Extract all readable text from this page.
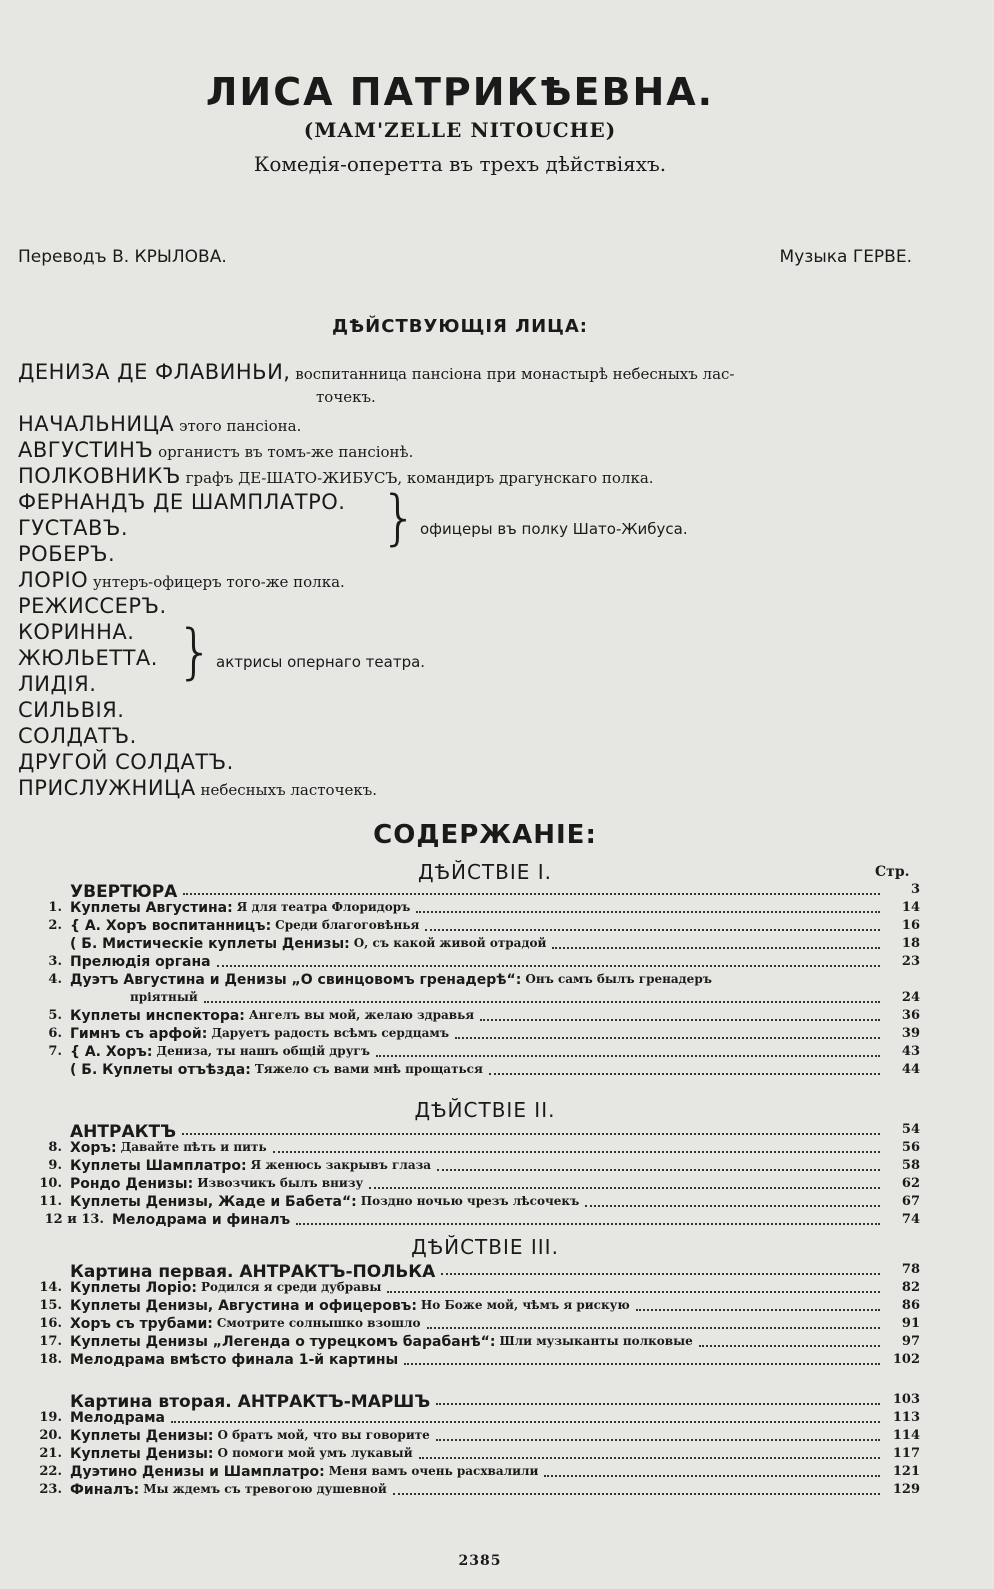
ЛИСА ПАТРИКѢЕВНА.
(MAM'ZELLE NITOUCHE)
Комедія-оперетта въ трехъ дѣйствіяхъ.
Переводъ В. КРЫЛОВА.	Музыка ГЕРВЕ.
ДѢЙСТВУЮЩІЯ ЛИЦА:
ДЕНИЗА ДЕ ФЛАВИНЬИ, воспитанница пансіона при монастырѣ небесныхъ лас-
точекъ.
НАЧАЛЬНИЦА этого пансіона.
АВГУСТИНЪ органистъ въ томъ-же пансіонѣ.
ПОЛКОВНИКЪ графъ ДЕ-ШАТО-ЖИБУСЪ, командиръ драгунскаго полка.
ФЕРНАНДЪ ДЕ ШАМПЛАТРО.
ГУСТАВЪ.
РОБЕРЪ.
} офицеры въ полку Шато-Жибуса.
ЛОРІО унтеръ-офицеръ того-же полка.
РЕЖИССЕРЪ.
КОРИННА.
ЖЮЛЬЕТТА.
ЛИДІЯ.
СИЛЬВІЯ.
} актрисы опернаго театра.
СОЛДАТЪ.
ДРУГОЙ СОЛДАТЪ.
ПРИСЛУЖНИЦА небесныхъ ласточекъ.
СОДЕРЖАНІЕ:
ДѢЙСТВІЕ I.	Стр.
УВЕРТЮРА	3
1. Куплеты Августина: Я для театра Флоридоръ	14
2. { А. Хоръ воспитанницъ: Среди благоговѣнья	16
( Б. Мистическіе куплеты Денизы: О, съ какой живой отрадой	18
3. Прелюдія органа	23
4. Дуэтъ Августина и Денизы „О свинцовомъ гренадерѣ“: Онъ самъ былъ гренадеръ
пріятный	24
5. Куплеты инспектора: Ангелъ вы мой, желаю здравья	36
6. Гимнъ съ арфой: Даруетъ радость всѣмъ сердцамъ	39
7. { А. Хоръ: Дениза, ты нашъ общій другъ	43
( Б. Куплеты отъѣзда: Тяжело съ вами мнѣ прощаться	44
ДѢЙСТВІЕ II.
АНТРАКТЪ	54
8. Хоръ: Давайте пѣть и пить	56
9. Куплеты Шамплатро: Я женюсь закрывъ глаза	58
10. Рондо Денизы: Извозчикъ былъ внизу	62
11. Куплеты Денизы, Жаде и Бабета“: Поздно ночью чрезъ лѣсочекъ	67
12 и 13. Мелодрама и финалъ	74
ДѢЙСТВІЕ III.
Картина первая. АНТРАКТЪ-ПОЛЬКА	78
14. Куплеты Лоріо: Родился я среди дубравы	82
15. Куплеты Денизы, Августина и офицеровъ: Но Боже мой, чѣмъ я рискую	86
16. Хоръ съ трубами: Смотрите солнышко взошло	91
17. Куплеты Денизы „Легенда о турецкомъ барабанѣ“: Шли музыканты полковые	97
18. Мелодрама вмѣсто финала 1-й картины	102
Картина вторая. АНТРАКТЪ-МАРШЪ	103
19. Мелодрама	113
20. Куплеты Денизы: О братъ мой, что вы говорите	114
21. Куплеты Денизы: О помоги мой умъ лукавый	117
22. Дуэтино Денизы и Шамплатро: Меня вамъ очень расхвалили	121
23. Финалъ: Мы ждемъ съ тревогою душевной	129
2385
